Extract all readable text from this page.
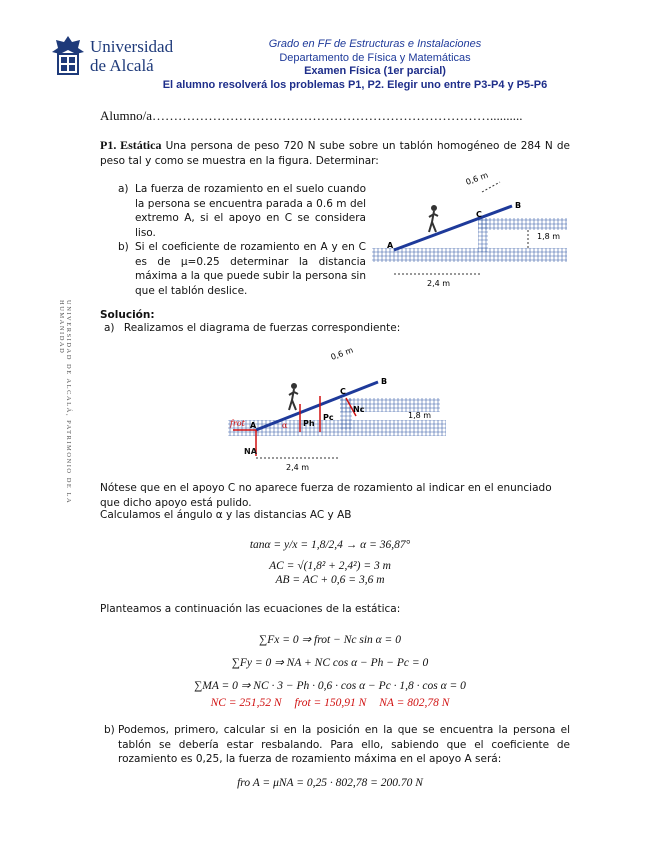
Universidad
de Alcalá
Grado en FF de Estructuras e Instalaciones
Departamento de Física y Matemáticas
Examen Física (1er parcial)
El alumno resolverá los problemas P1, P2. Elegir uno entre P3-P4 y P5-P6
Alumno/a……………………………………………………………………..........
UNIVERSIDAD DE ALCALÁ, PATRIMONIO DE LA HUMANIDAD
P1. Estática Una persona de peso 720 N sube sobre un tablón homogéneo de 284 N de peso tal y como se muestra en la figura. Determinar:
a) La fuerza de rozamiento en el suelo cuando la persona se encuentra parada a 0.6 m del extremo A, si el apoyo en C se considera liso.
b) Si el coeficiente de rozamiento en A y en C es de μ=0.25 determinar la distancia máxima a la que puede subir la persona sin que el tablón deslice.
A
B
C
0,6 m
1,8 m
2,4 m
Solución:
a) Realizamos el diagrama de fuerzas correspondiente:
frot
NA
Ph
Pc
Nc
α
A
B
C
0,6 m
1,8 m
2,4 m
Nótese que en el apoyo C no aparece fuerza de rozamiento al indicar en el enunciado que dicho apoyo está pulido.
Calculamos el ángulo α y las distancias AC y AB
tanα = y/x = 1,8/2,4 → α = 36,87°
AC = √(1,8² + 2,4²) = 3 m
AB = AC + 0,6 = 3,6 m
Planteamos a continuación las ecuaciones de la estática:
∑Fx = 0 ⇒ frot − Nc sin α = 0
∑Fy = 0 ⇒ NA + NC cos α − Ph − Pc = 0
∑MA = 0 ⇒ NC · 3 − Ph · 0,6 · cos α − Pc · 1,8 · cos α = 0
NC = 251,52 N frot = 150,91 N NA = 802,78 N
b) Podemos, primero, calcular si en la posición en la que se encuentra la persona el tablón se debería estar resbalando. Para ello, sabiendo que el coeficiente de rozamiento es 0,25, la fuerza de rozamiento máxima en el apoyo A será:
fro A = μNA = 0,25 · 802,78 = 200.70 N
